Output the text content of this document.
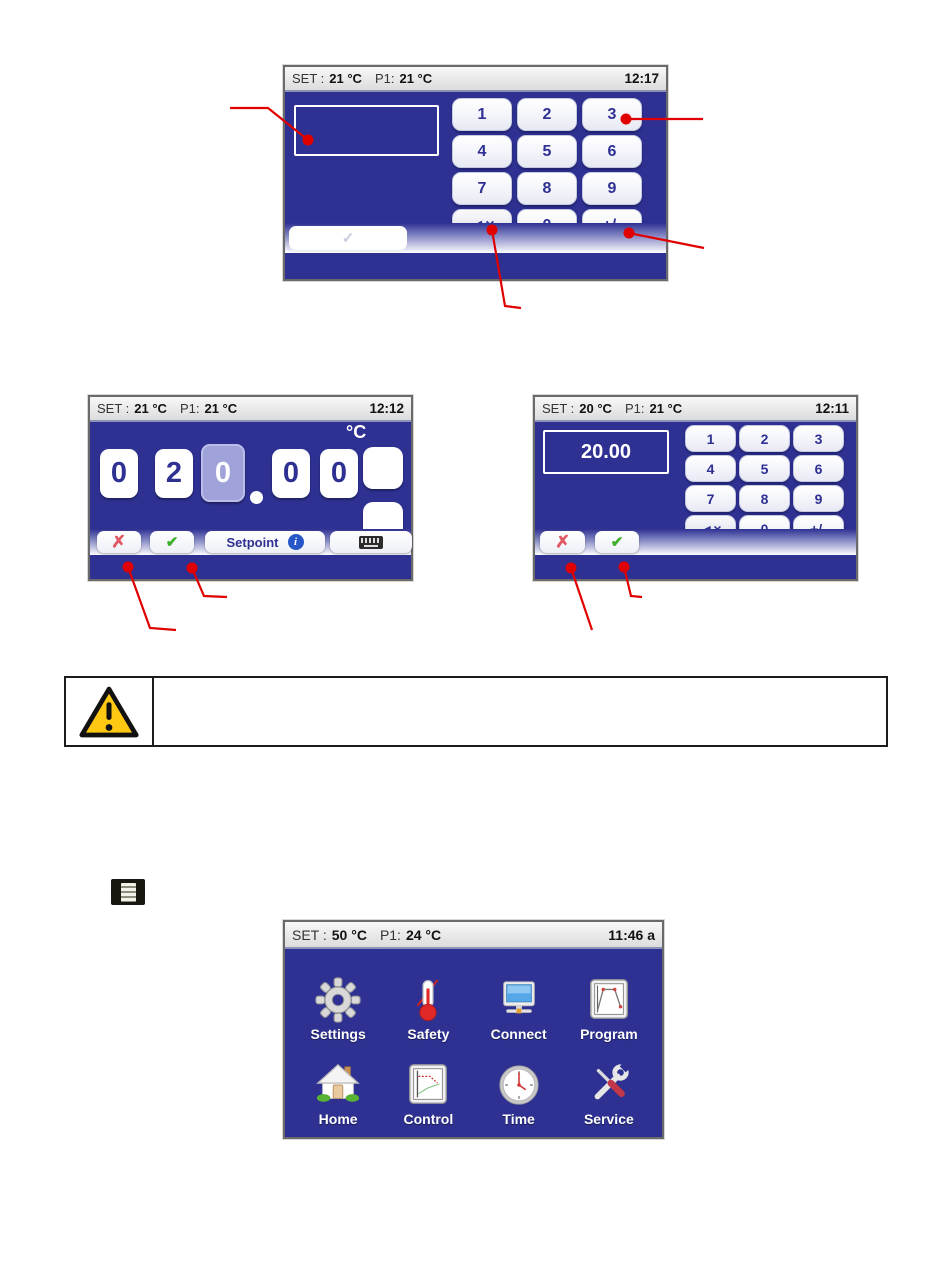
SET : 21 °C P1: 21 °C	12:17
1	2	3
4	5	6
7	8	9
✓
SET : 21 °C P1: 21 °C	12:12
°C
0	2	0	0	0
✗	✔	Setpoint	i
SET : 20 °C P1: 21 °C	12:11
20.00
1	2	3
4	5	6
7	8	9
✗	✔
SET : 50 °C P1: 24 °C	11:46 a
Settings	Safety	Connect Program
Home	Control	Time	Service
